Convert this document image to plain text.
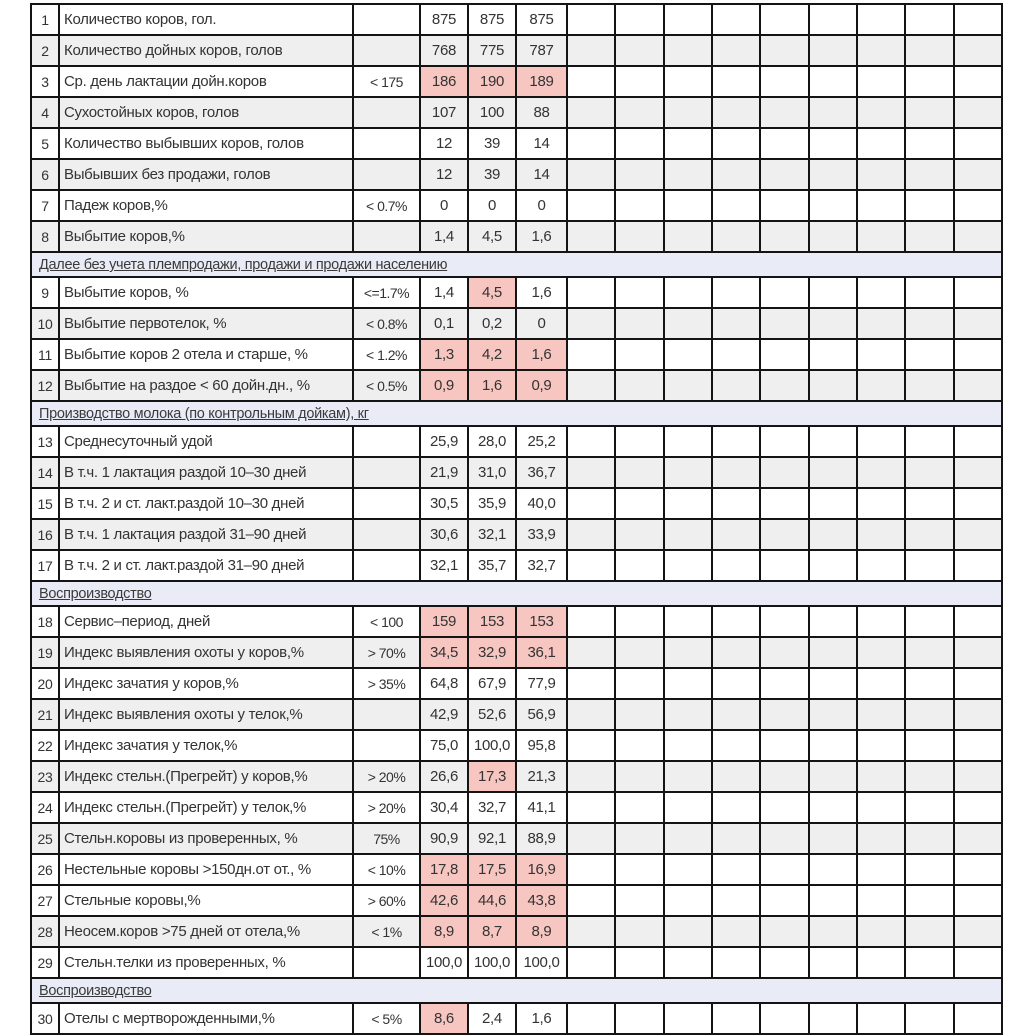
1	Количество коров, гол.		875	875	875									
2	Количество дойных коров, голов		768	775	787									
3	Ср. день лактации дойн.коров	< 175	186	190	189									
4	Сухостойных коров, голов		107	100	88									
5	Количество выбывших коров, голов		12	39	14									
6	Выбывших без продажи, голов		12	39	14									
7	Падеж коров,%	< 0.7%	0	0	0									
8	Выбытие коров,%		1,4	4,5	1,6									
Далее без учета племпродажи, продажи и продажи населению														
9	Выбытие коров, %	<=1.7%	1,4	4,5	1,6									
10	Выбытие первотелок, %	< 0.8%	0,1	0,2	0									
11	Выбытие коров 2 отела и старше, %	< 1.2%	1,3	4,2	1,6									
12	Выбытие на раздое < 60 дойн.дн., %	< 0.5%	0,9	1,6	0,9									
Производство молока (по контрольным дойкам), кг														
13	Среднесуточный удой		25,9	28,0	25,2									
14	В т.ч. 1 лактация раздой 10–30 дней		21,9	31,0	36,7									
15	В т.ч. 2 и ст. лакт.раздой 10–30 дней		30,5	35,9	40,0									
16	В т.ч. 1 лактация раздой 31–90 дней		30,6	32,1	33,9									
17	В т.ч. 2 и ст. лакт.раздой 31–90 дней		32,1	35,7	32,7									
Воспроизводство														
18	Сервис–период, дней	< 100	159	153	153									
19	Индекс выявления охоты у коров,%	> 70%	34,5	32,9	36,1									
20	Индекс зачатия у коров,%	> 35%	64,8	67,9	77,9									
21	Индекс выявления охоты у телок,%		42,9	52,6	56,9									
22	Индекс зачатия у телок,%		75,0	100,0	95,8									
23	Индекс стельн.(Прегрейт) у коров,%	> 20%	26,6	17,3	21,3									
24	Индекс стельн.(Прегрейт) у телок,%	> 20%	30,4	32,7	41,1									
25	Стельн.коровы из проверенных, %	75%	90,9	92,1	88,9									
26	Нестельные коровы >150дн.от от., %	< 10%	17,8	17,5	16,9									
27	Стельные коровы,%	> 60%	42,6	44,6	43,8									
28	Неосем.коров >75 дней от отела,%	< 1%	8,9	8,7	8,9									
29	Стельн.телки из проверенных, %		100,0	100,0	100,0									
Воспроизводство														
30	Отелы с мертворожденными,%	< 5%	8,6	2,4	1,6									
